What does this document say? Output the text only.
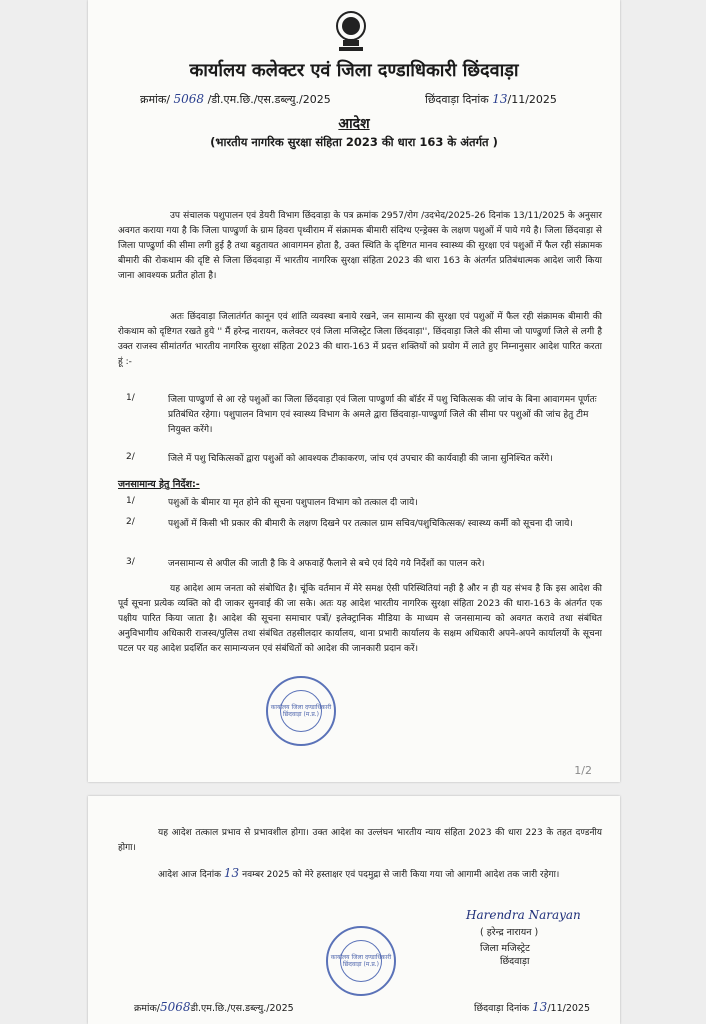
कार्यालय कलेक्टर एवं जिला दण्डाधिकारी छिंदवाड़ा
क्रमांक/ 5068 /डी.एम.छि./एस.डब्ल्यु./2025	छिंदवाड़ा दिनांक 13/11/2025
आदेश
(भारतीय नागरिक सुरक्षा संहिता 2023 की धारा 163 के अंतर्गत )
उप संचालक पशुपालन एवं डेयरी विभाग छिंदवाड़ा के पत्र क्रमांक 2957/रोग /उदभेद/2025-26 दिनांक 13/11/2025 के अनुसार अवगत कराया गया है कि जिला पाण्ढुर्णा के ग्राम हिवरा पृथ्वीराम में संक्रामक बीमारी संदिग्ध एन्ड्रेक्स के लक्षण पशुओं में पाये गये है। जिला छिंदवाड़ा से जिला पाण्ढुर्णा की सीमा लगी हुई है तथा बहुतायत आवागमन होता है, उक्त स्थिति के दृष्टिगत मानव स्वास्थ्य की सुरक्षा एवं पशुओं में फैल रही संक्रामक बीमारी की रोकथाम की दृष्टि से जिला छिंदवाड़ा में भारतीय नागरिक सुरक्षा संहिता 2023 की धारा 163 के अंतर्गत प्रतिबंधात्मक आदेश जारी किया जाना आवश्यक प्रतीत होता है।
अतः छिंदवाड़ा जिलातंर्गत कानून एवं शांति व्यवस्था बनाये रखने, जन सामान्य की सुरक्षा एवं पशुओं में फैल रही संक्रामक बीमारी की रोकथाम को दृष्टिगत रखते हुये '' मैं हरेन्द्र नारायन, कलेक्टर एवं जिला मजिस्ट्रेट जिला छिंदवाड़ा'', छिंदवाड़ा जिले की सीमा जो पाण्ढुर्णा जिले से लगी है उक्त राजस्व सीमांतर्गत भारतीय नागरिक सुरक्षा संहिता 2023 की धारा-163 में प्रदत्त शक्तियों को प्रयोग में लाते हुए निम्नानुसार आदेश पारित करता हूं :-
1/	जिला पाण्ढुर्णा से आ रहे पशुओं का जिला छिंदवाड़ा एवं जिला पाण्ढुर्णा की बॉर्डर में पशु चिकित्सक की जांच के बिना आवागमन पूर्णतः प्रतिबंधित रहेगा। पशुपालन विभाग एवं स्वास्थ्य विभाग के अमले द्वारा छिंदवाड़ा-पाण्ढुर्णा जिले की सीमा पर पशुओं की जांच हेतु टीम नियुक्त करेंगे।
2/	जिले में पशु चिकित्सकों द्वारा पशुओं को आवश्यक टीकाकरण, जांच एवं उपचार की कार्यवाही की जाना सुनिश्चित करेंगे।
जनसामान्य हेतु निर्देश:-
1/	पशुओं के बीमार या मृत होने की सूचना पशुपालन विभाग को तत्काल दी जाये।
2/	पशुओं में किसी भी प्रकार की बीमारी के लक्षण दिखने पर तत्काल ग्राम सचिव/पशुचिकित्सक/ स्वास्थ्य कर्मी को सूचना दी जाये।
3/	जनसामान्य से अपील की जाती है कि वे अफवाहें फैलाने से बचे एवं दिये गये निर्देशों का पालन करे।
यह आदेश आम जनता को संबोधित है। चूंकि वर्तमान में मेरे समक्ष ऐसी परिस्थितियां नही है और न ही यह संभव है कि इस आदेश की पूर्व सूचना प्रत्येक व्यक्ति को दी जाकर सुनवाई की जा सके। अतः यह आदेश भारतीय नागरिक सुरक्षा संहिता 2023 की धारा-163 के अंतर्गत एक पक्षीय पारित किया जाता है। आदेश की सूचना समाचार पत्रों/ इलेक्ट्रानिक मीडिया के माध्यम से जनसामान्य को अवगत करावे तथा संबंधित अनुविभागीय अधिकारी राजस्व/पुलिस तथा संबंधित तहसीलदार कार्यालय, थाना प्रभारी कार्यालय के सक्षम अधिकारी अपने-अपने कार्यालयों के सूचना पटल पर यह आदेश प्रदर्शित कर सामान्यजन एवं संबंधितों को आदेश की जानकारी प्रदान करें।
कार्यालय जिला दण्डाधिकारी छिंदवाड़ा (म.प्र.)
1/2
यह आदेश तत्काल प्रभाव से प्रभावशील होगा। उक्त आदेश का उल्लंघन भारतीय न्याय संहिता 2023 की धारा 223 के तहत दण्डनीय होगा।
आदेश आज दिनांक 13 नवम्बर 2025 को मेरे हस्ताक्षर एवं पदमुद्रा से जारी किया गया जो आगामी आदेश तक जारी रहेगा।
Harendra Narayan
( हरेन्द्र नारायन )
जिला मजिस्ट्रेट
छिंदवाड़ा
कार्यालय जिला दण्डाधिकारी छिंदवाड़ा (म.प्र.)
क्रमांक/5068डी.एम.छि./एस.डब्ल्यु./2025	छिंदवाड़ा दिनांक 13/11/2025
